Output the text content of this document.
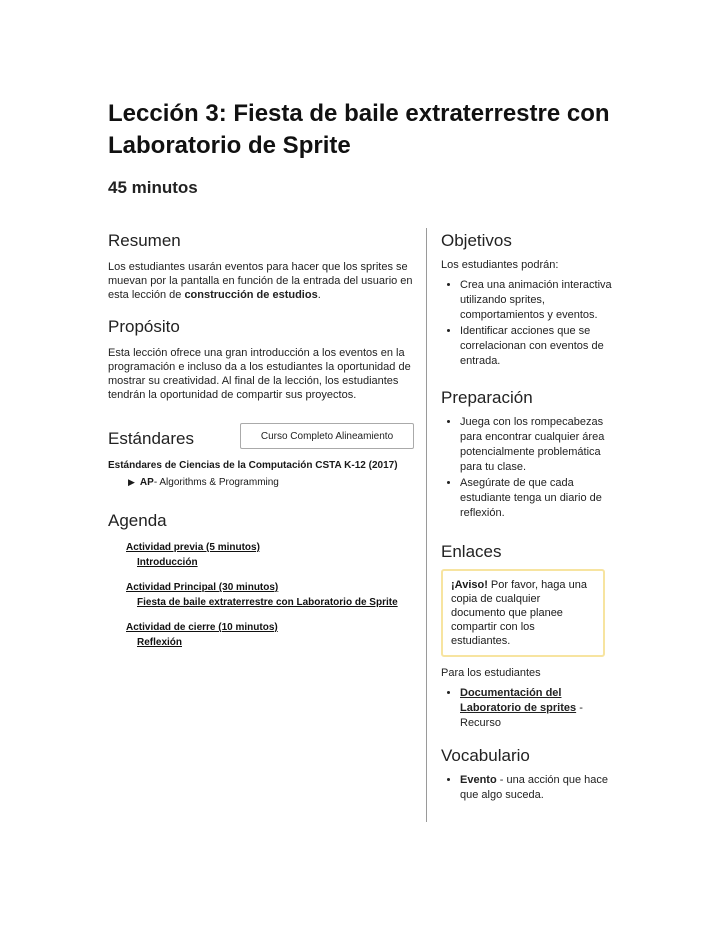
Lección 3: Fiesta de baile extraterrestre con Laboratorio de Sprite
45 minutos
Resumen

Los estudiantes usarán eventos para hacer que los sprites se muevan por la pantalla en función de la entrada del usuario en esta lección de construcción de estudios.

Propósito

Esta lección ofrece una gran introducción a los eventos en la programación e incluso da a los estudiantes la oportunidad de mostrar su creatividad. Al final de la lección, los estudiantes tendrán la oportunidad de compartir sus proyectos.

Estándares	Curso Completo Alineamiento
Estándares de Ciencias de la Computación CSTA K-12 (2017)
▶ AP - Algorithms & Programming
Agenda
Actividad previa (5 minutos)
Introducción
Actividad Principal (30 minutos)
Fiesta de baile extraterrestre con Laboratorio de Sprite
Actividad de cierre (10 minutos)
Reflexión
Objetivos

Los estudiantes podrán:

• Crea una animación interactiva utilizando sprites, comportamientos y eventos.
• Identificar acciones que se correlacionan con eventos de entrada.
Preparación
• Juega con los rompecabezas para encontrar cualquier área potencialmente problemática para tu clase.
• Asegúrate de que cada estudiante tenga un diario de reflexión.
Enlaces
¡Aviso! Por favor, haga una copia de cualquier documento que planee compartir con los estudiantes.

Para los estudiantes

• Documentación del Laboratorio de sprites - Recurso
Vocabulario
• Evento - una acción que hace que algo suceda.
